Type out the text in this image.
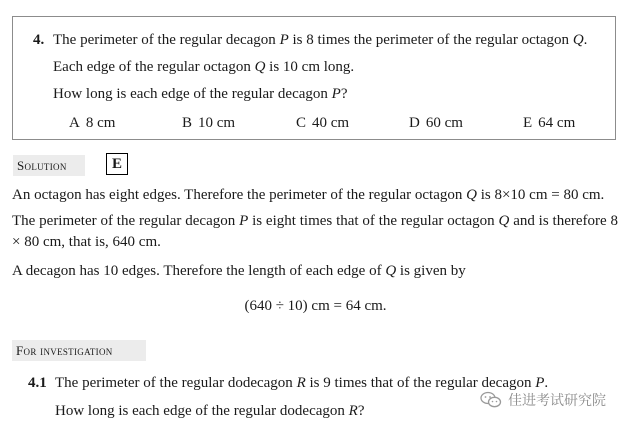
4. The perimeter of the regular decagon P is 8 times the perimeter of the regular octagon Q.
Each edge of the regular octagon Q is 10 cm long.
How long is each edge of the regular decagon P?
A 8 cm	B 10 cm	C 40 cm	D 60 cm	E 64 cm
Solution	E
An octagon has eight edges. Therefore the perimeter of the regular octagon Q is 8×10 cm = 80 cm.
The perimeter of the regular decagon P is eight times that of the regular octagon Q and is therefore 8 × 80 cm, that is, 640 cm.
A decagon has 10 edges. Therefore the length of each edge of Q is given by
(640 ÷ 10) cm = 64 cm.
For investigation
4.1 The perimeter of the regular dodecagon R is 9 times that of the regular decagon P.
How long is each edge of the regular dodecagon R?
佳进考试研究院
